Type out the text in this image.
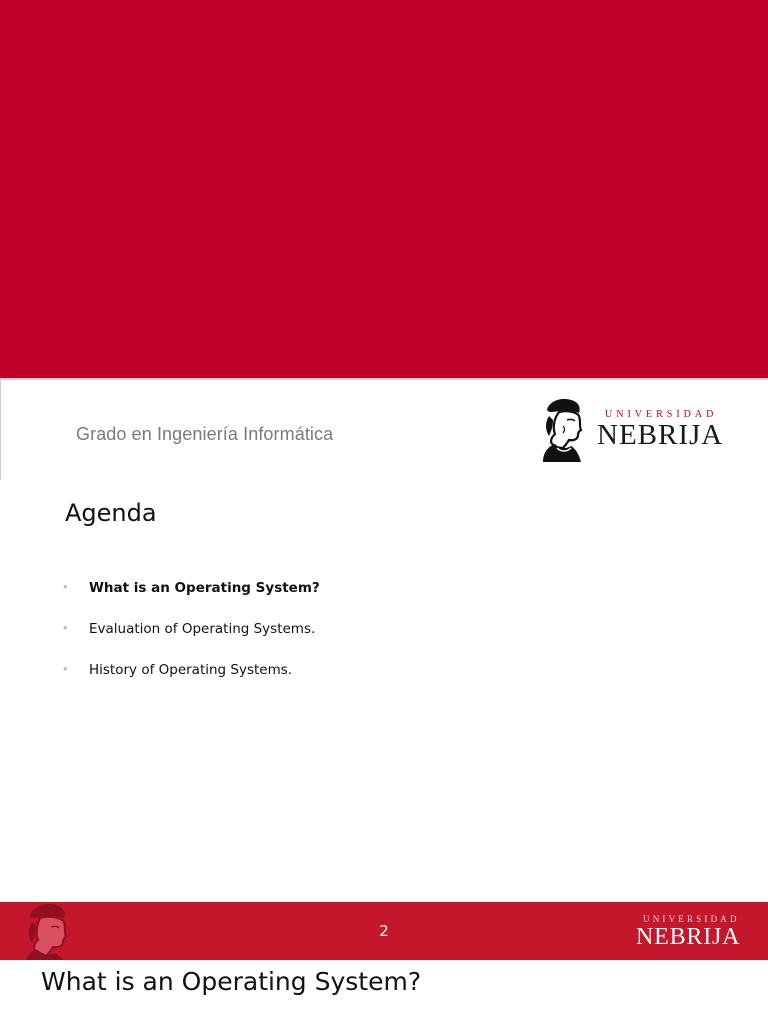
Grado en Ingeniería Informática
UNIVERSIDAD
NEBRIJA
Agenda
• What is an Operating System?
• Evaluation of Operating Systems.
• History of Operating Systems.
2
UNIVERSIDAD
NEBRIJA
What is an Operating System?
